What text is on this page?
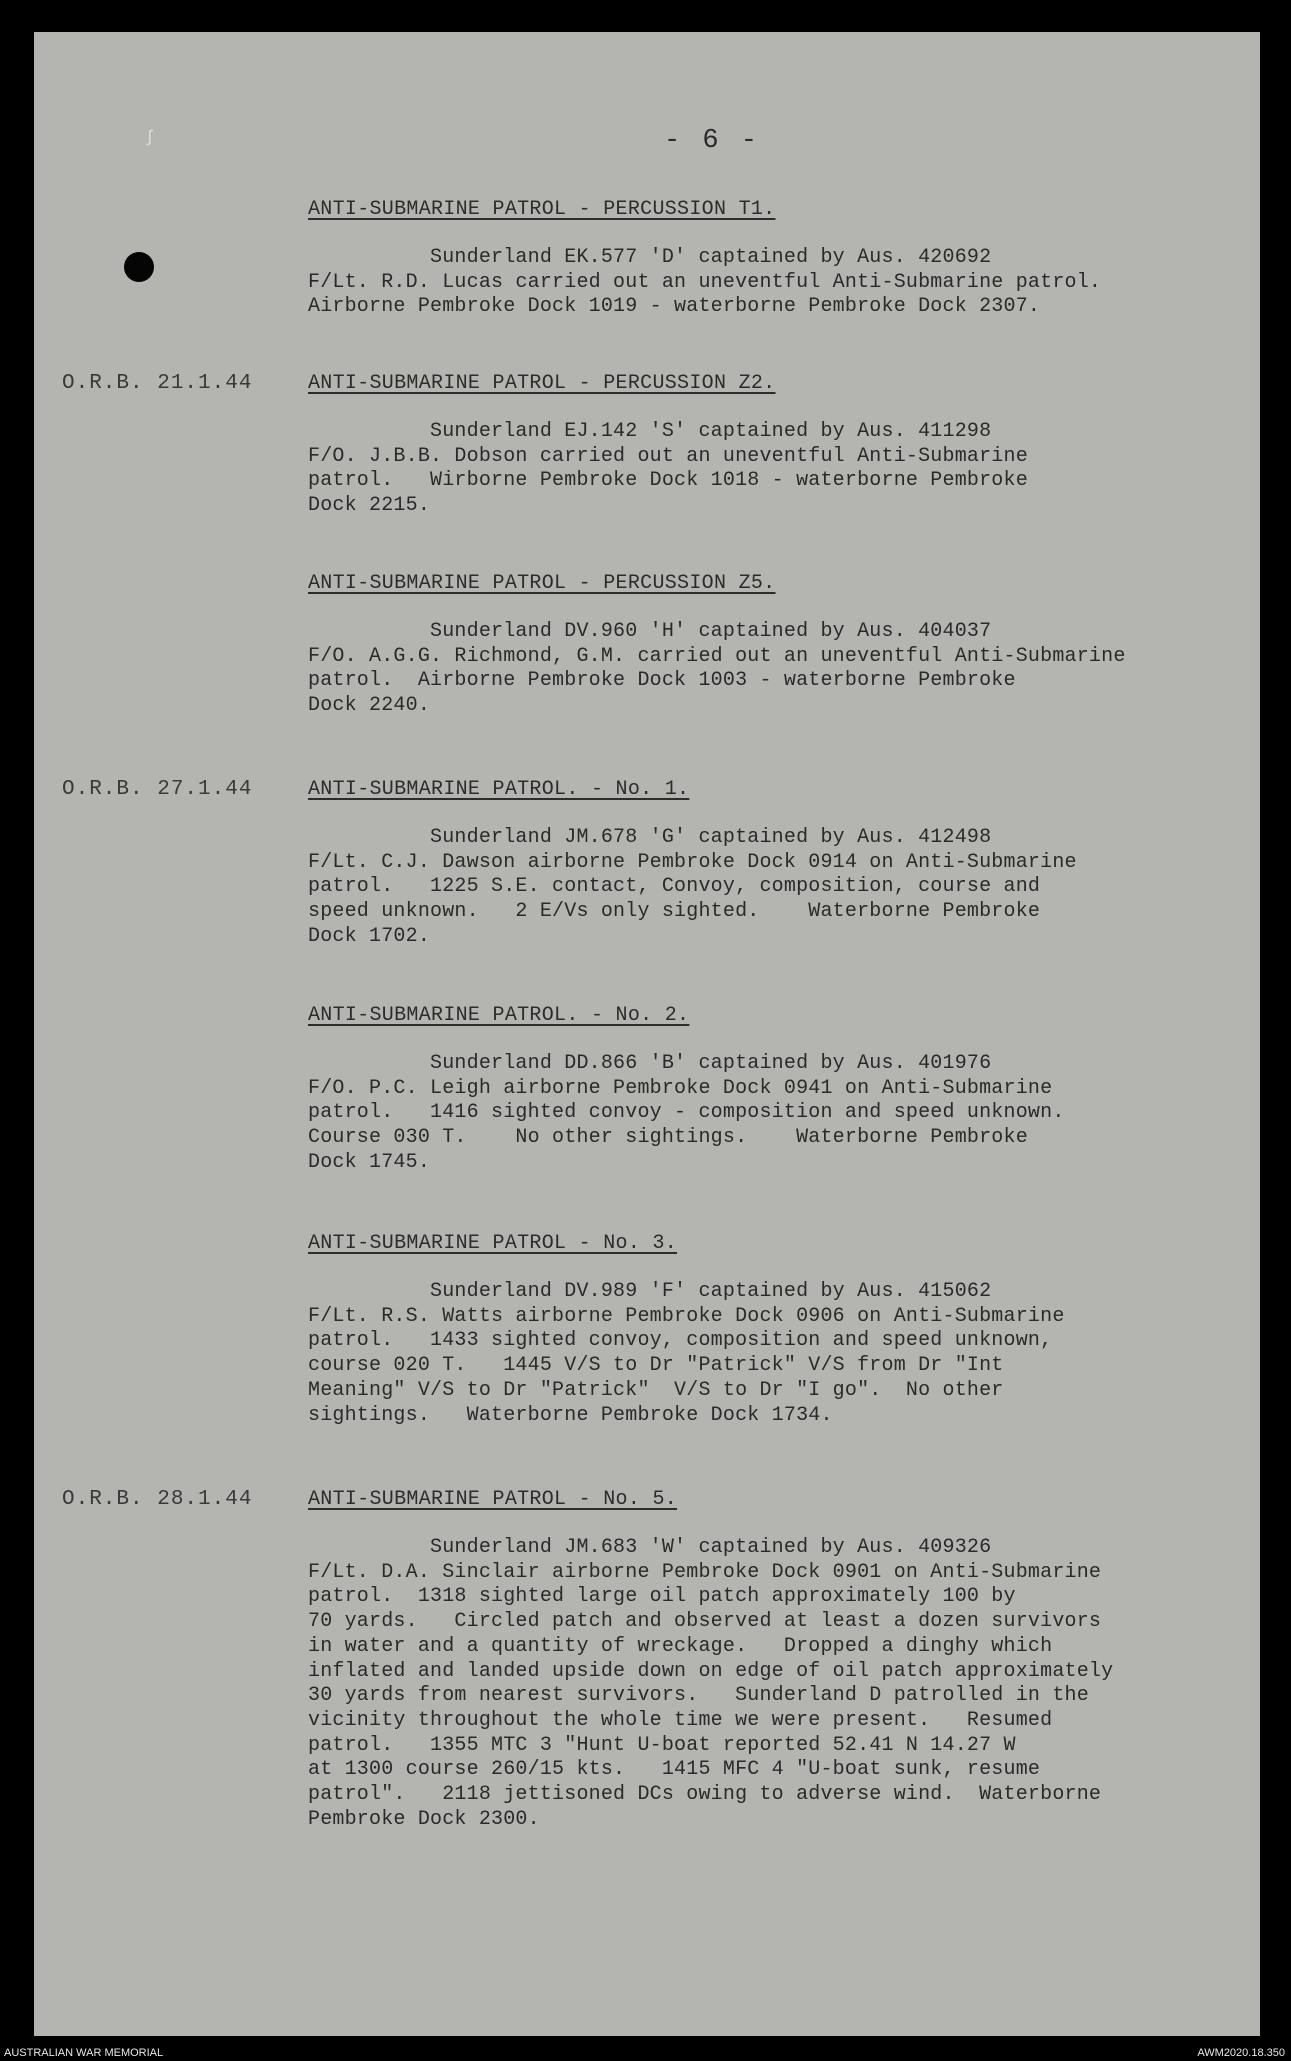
ꭍ	- 6 -
ANTI-SUBMARINE PATROL - PERCUSSION T1.
Sunderland EK.577 'D' captained by Aus. 420692
F/Lt. R.D. Lucas carried out an uneventful Anti-Submarine patrol.
Airborne Pembroke Dock 1019 - waterborne Pembroke Dock 2307.
O.R.B. 21.1.44	ANTI-SUBMARINE PATROL - PERCUSSION Z2.
Sunderland EJ.142 'S' captained by Aus. 411298
F/O. J.B.B. Dobson carried out an uneventful Anti-Submarine
patrol.   Wirborne Pembroke Dock 1018 - waterborne Pembroke
Dock 2215.
ANTI-SUBMARINE PATROL - PERCUSSION Z5.
Sunderland DV.960 'H' captained by Aus. 404037
F/O. A.G.G. Richmond, G.M. carried out an uneventful Anti-Submarine
patrol.  Airborne Pembroke Dock 1003 - waterborne Pembroke
Dock 2240.
O.R.B. 27.1.44	ANTI-SUBMARINE PATROL. - No. 1.
Sunderland JM.678 'G' captained by Aus. 412498
F/Lt. C.J. Dawson airborne Pembroke Dock 0914 on Anti-Submarine
patrol.   1225 S.E. contact, Convoy, composition, course and
speed unknown.   2 E/Vs only sighted.    Waterborne Pembroke
Dock 1702.
ANTI-SUBMARINE PATROL. - No. 2.
Sunderland DD.866 'B' captained by Aus. 401976
F/O. P.C. Leigh airborne Pembroke Dock 0941 on Anti-Submarine
patrol.   1416 sighted convoy - composition and speed unknown.
Course 030 T.    No other sightings.    Waterborne Pembroke
Dock 1745.
ANTI-SUBMARINE PATROL - No. 3.
Sunderland DV.989 'F' captained by Aus. 415062
F/Lt. R.S. Watts airborne Pembroke Dock 0906 on Anti-Submarine
patrol.   1433 sighted convoy, composition and speed unknown,
course 020 T.   1445 V/S to Dr "Patrick" V/S from Dr "Int
Meaning" V/S to Dr "Patrick"  V/S to Dr "I go".  No other
sightings.   Waterborne Pembroke Dock 1734.
O.R.B. 28.1.44	ANTI-SUBMARINE PATROL - No. 5.
Sunderland JM.683 'W' captained by Aus. 409326
F/Lt. D.A. Sinclair airborne Pembroke Dock 0901 on Anti-Submarine
patrol.  1318 sighted large oil patch approximately 100 by
70 yards.   Circled patch and observed at least a dozen survivors
in water and a quantity of wreckage.   Dropped a dinghy which
inflated and landed upside down on edge of oil patch approximately
30 yards from nearest survivors.   Sunderland D patrolled in the
vicinity throughout the whole time we were present.   Resumed
patrol.   1355 MTC 3 "Hunt U-boat reported 52.41 N 14.27 W
at 1300 course 260/15 kts.   1415 MFC 4 "U-boat sunk, resume
patrol".   2118 jettisoned DCs owing to adverse wind.  Waterborne
Pembroke Dock 2300.
AUSTRALIAN WAR MEMORIAL	AWM2020.18.350
